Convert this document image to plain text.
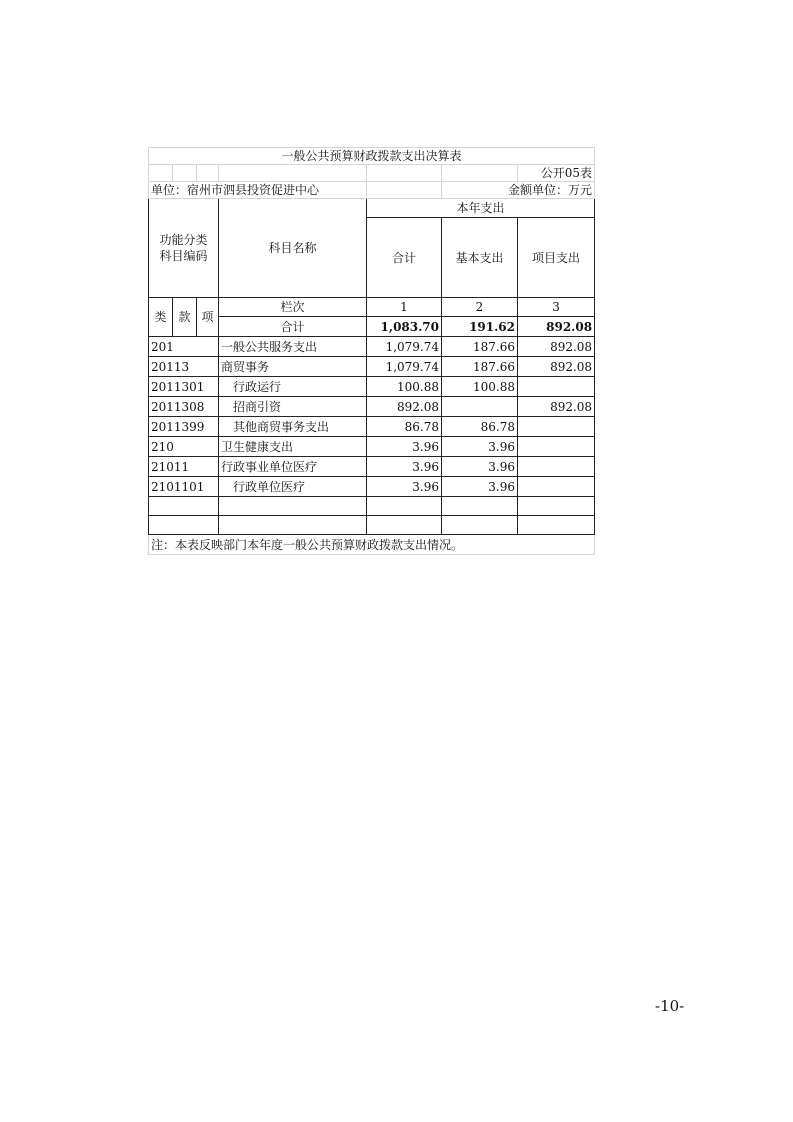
一般公共预算财政拨款支出决算表						
						公开05表
单位：宿州市泗县投资促进中心					金额单位：万元	
功能分类科目编码			科目名称	本年支出		
				合计	基本支出	项目支出

类	款	项	栏次	1	2	3
			合计	1,083.70	191.62	892.08
201			一般公共服务支出	1,079.74	187.66	892.08
20113			商贸事务	1,079.74	187.66	892.08
2011301			行政运行	100.88	100.88	
2011308			招商引资	892.08		892.08
2011399			其他商贸事务支出	86.78	86.78	
210			卫生健康支出	3.96	3.96	
21011			行政事业单位医疗	3.96	3.96	
2101101			行政单位医疗	3.96	3.96	

注：本表反映部门本年度一般公共预算财政拨款支出情况。						
-10-
